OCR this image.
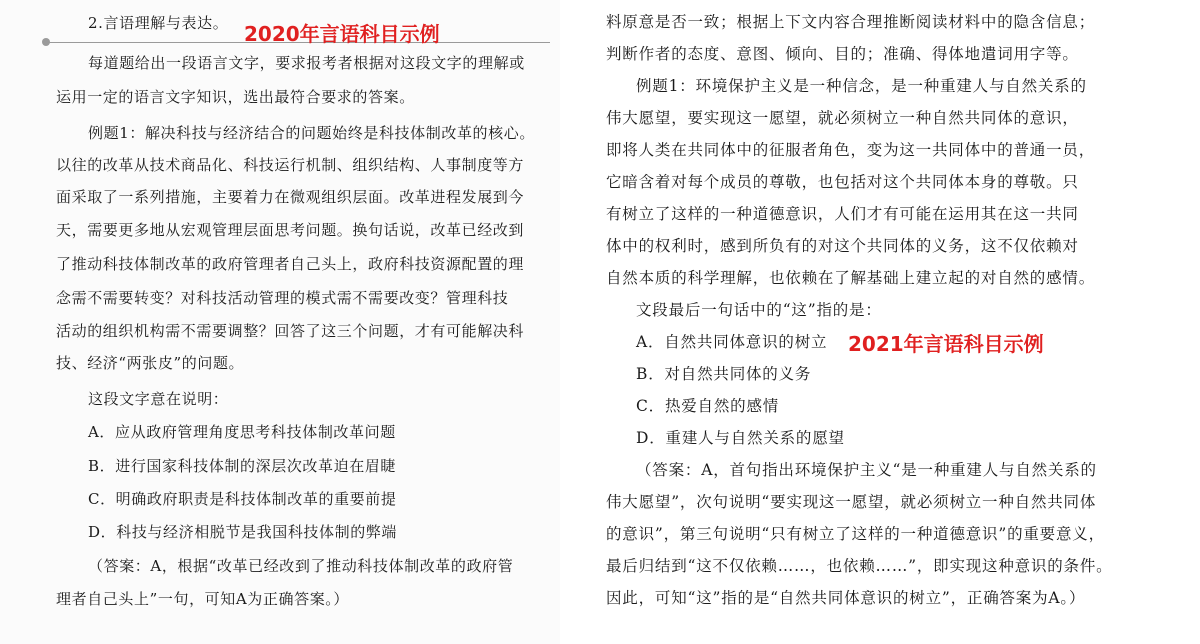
2.言语理解与表达。 2020年言语科目示例
每道题给出一段语言文字，要求报考者根据对这段文字的理解或
运用一定的语言文字知识，选出最符合要求的答案。
例题1：解决科技与经济结合的问题始终是科技体制改革的核心。
以往的改革从技术商品化、科技运行机制、组织结构、人事制度等方
面采取了一系列措施，主要着力在微观组织层面。改革进程发展到今
天，需要更多地从宏观管理层面思考问题。换句话说，改革已经改到
了推动科技体制改革的政府管理者自己头上，政府科技资源配置的理
念需不需要转变？对科技活动管理的模式需不需要改变？管理科技
活动的组织机构需不需要调整？回答了这三个问题，才有可能解决科
技、经济“两张皮”的问题。
这段文字意在说明：
A．应从政府管理角度思考科技体制改革问题
B．进行国家科技体制的深层次改革迫在眉睫
C．明确政府职责是科技体制改革的重要前提
D．科技与经济相脱节是我国科技体制的弊端
（答案：A，根据“改革已经改到了推动科技体制改革的政府管
理者自己头上”一句，可知A为正确答案。）
料原意是否一致；根据上下文内容合理推断阅读材料中的隐含信息；
判断作者的态度、意图、倾向、目的；准确、得体地遣词用字等。
例题1：环境保护主义是一种信念，是一种重建人与自然关系的
伟大愿望，要实现这一愿望，就必须树立一种自然共同体的意识，
即将人类在共同体中的征服者角色，变为这一共同体中的普通一员，
它暗含着对每个成员的尊敬，也包括对这个共同体本身的尊敬。只
有树立了这样的一种道德意识，人们才有可能在运用其在这一共同
体中的权利时，感到所负有的对这个共同体的义务，这不仅依赖对
自然本质的科学理解，也依赖在了解基础上建立起的对自然的感情。
文段最后一句话中的“这”指的是：
A．自然共同体意识的树立 2021年言语科目示例
B．对自然共同体的义务
C．热爱自然的感情
D．重建人与自然关系的愿望
（答案：A，首句指出环境保护主义“是一种重建人与自然关系的
伟大愿望”，次句说明“要实现这一愿望，就必须树立一种自然共同体
的意识”，第三句说明“只有树立了这样的一种道德意识”的重要意义，
最后归结到“这不仅依赖……，也依赖……”，即实现这种意识的条件。
因此，可知“这”指的是“自然共同体意识的树立”，正确答案为A。）
